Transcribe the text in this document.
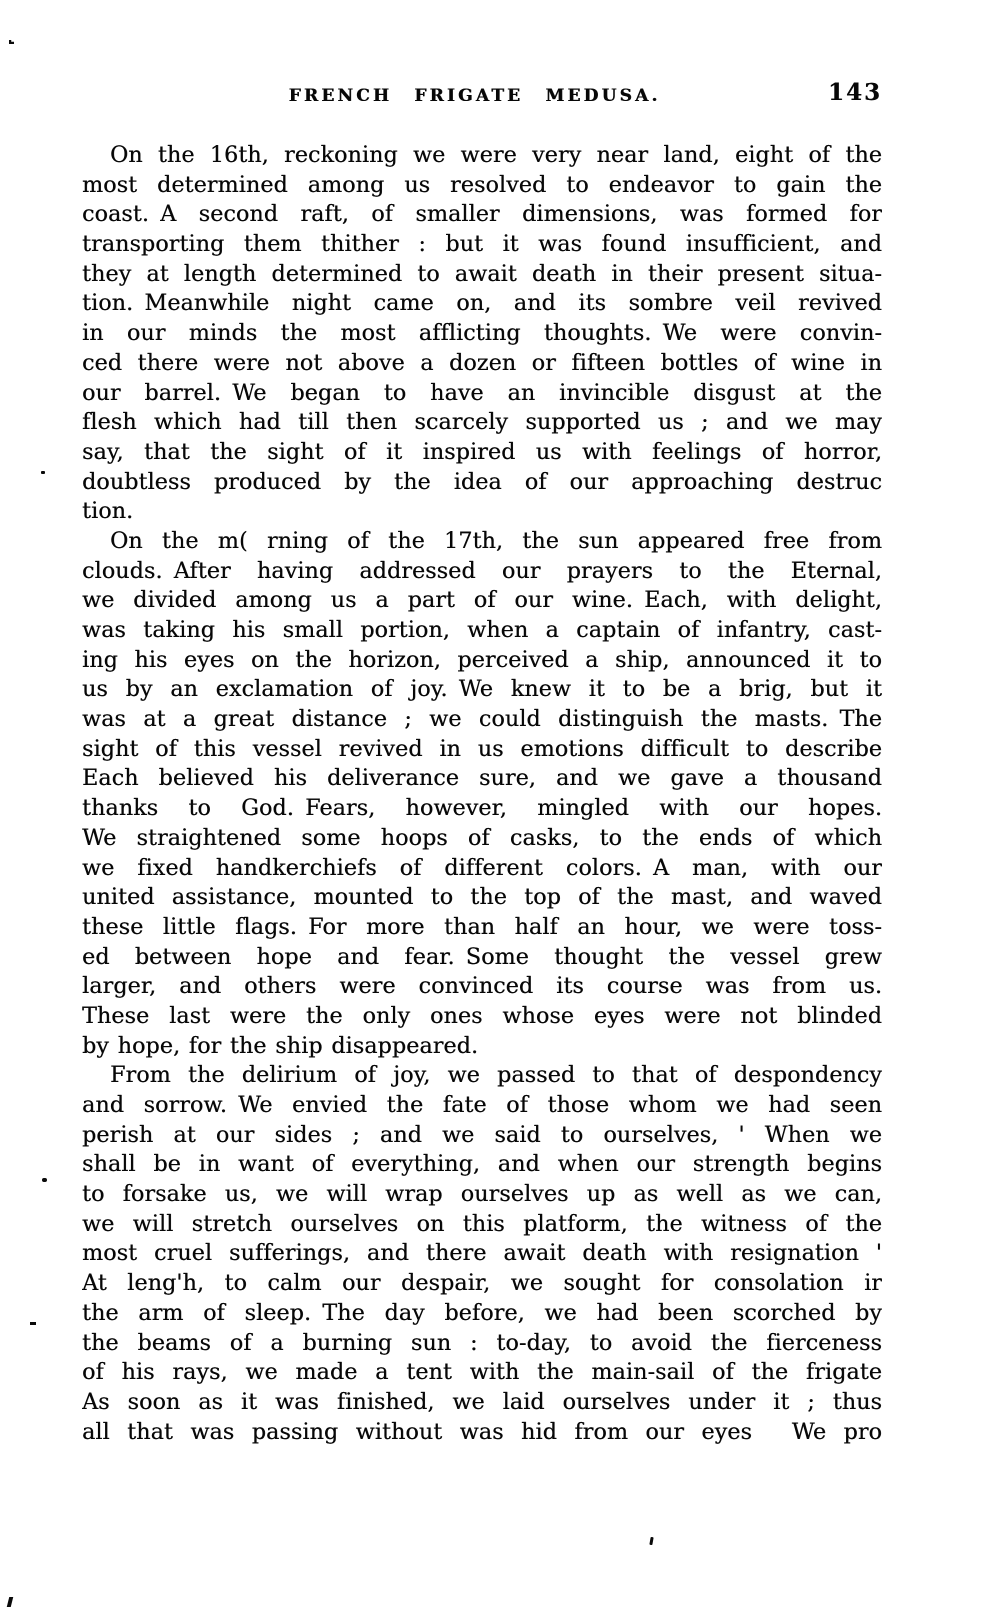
FRENCH FRIGATE MEDUSA.	143
On the 16th, reckoning we were very near land, eight of the
most determined among us resolved to endeavor to gain the
coast. A second raft, of smaller dimensions, was formed for
transporting them thither : but it was found insufficient, and
they at length determined to await death in their present situa-
tion. Meanwhile night came on, and its sombre veil revived
in our minds the most afflicting thoughts. We were convin-
ced there were not above a dozen or fifteen bottles of wine in
our barrel. We began to have an invincible disgust at the
flesh which had till then scarcely supported us ; and we may
say, that the sight of it inspired us with feelings of horror,
doubtless produced by the idea of our approaching destruc
tion.
On the m( rning of the 17th, the sun appeared free from
clouds. After having addressed our prayers to the Eternal,
we divided among us a part of our wine. Each, with delight,
was taking his small portion, when a captain of infantry, cast-
ing his eyes on the horizon, perceived a ship, announced it to
us by an exclamation of joy. We knew it to be a brig, but it
was at a great distance ; we could distinguish the masts. The
sight of this vessel revived in us emotions difficult to describe
Each believed his deliverance sure, and we gave a thousand
thanks to God. Fears, however, mingled with our hopes.
We straightened some hoops of casks, to the ends of which
we fixed handkerchiefs of different colors. A man, with our
united assistance, mounted to the top of the mast, and waved
these little flags. For more than half an hour, we were toss-
ed between hope and fear. Some thought the vessel grew
larger, and others were convinced its course was from us.
These last were the only ones whose eyes were not blinded
by hope, for the ship disappeared.
From the delirium of joy, we passed to that of despondency
and sorrow. We envied the fate of those whom we had seen
perish at our sides ; and we said to ourselves, ' When we
shall be in want of everything, and when our strength begins
to forsake us, we will wrap ourselves up as well as we can,
we will stretch ourselves on this platform, the witness of the
most cruel sufferings, and there await death with resignation '
At leng'h, to calm our despair, we sought for consolation ir
the arm of sleep. The day before, we had been scorched by
the beams of a burning sun : to-day, to avoid the fierceness
of his rays, we made a tent with the main-sail of the frigate
As soon as it was finished, we laid ourselves under it ; thus
all that was passing without was hid from our eyes  We pro
